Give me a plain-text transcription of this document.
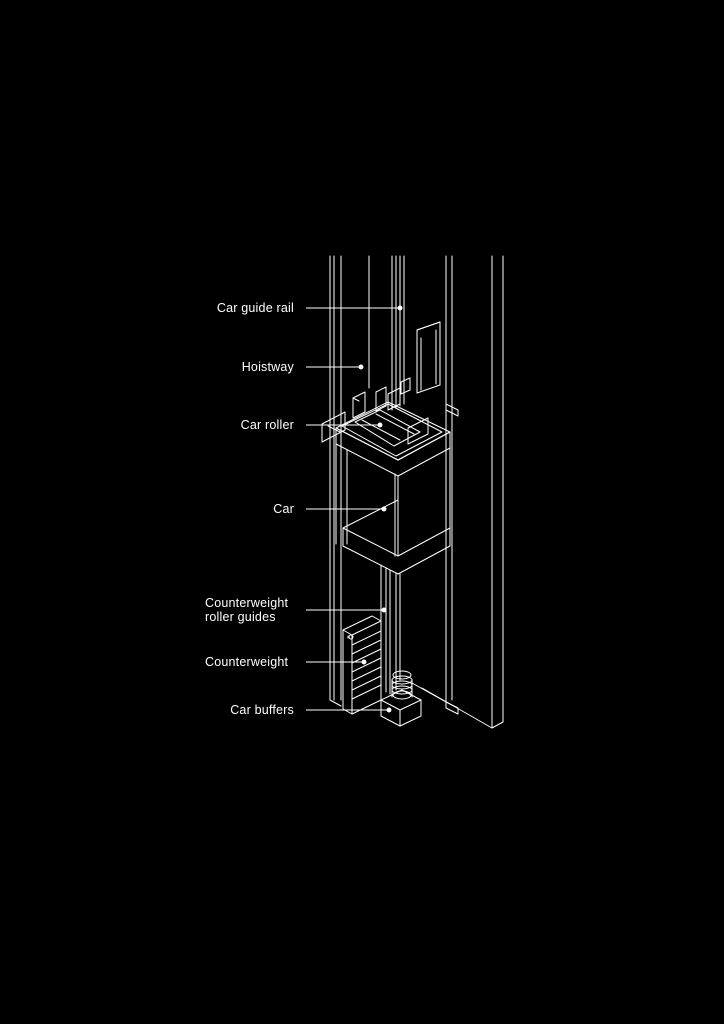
Car guide rail
Hoistway
Car roller
Car
Counterweight
roller guides
Counterweight
Car buffers
